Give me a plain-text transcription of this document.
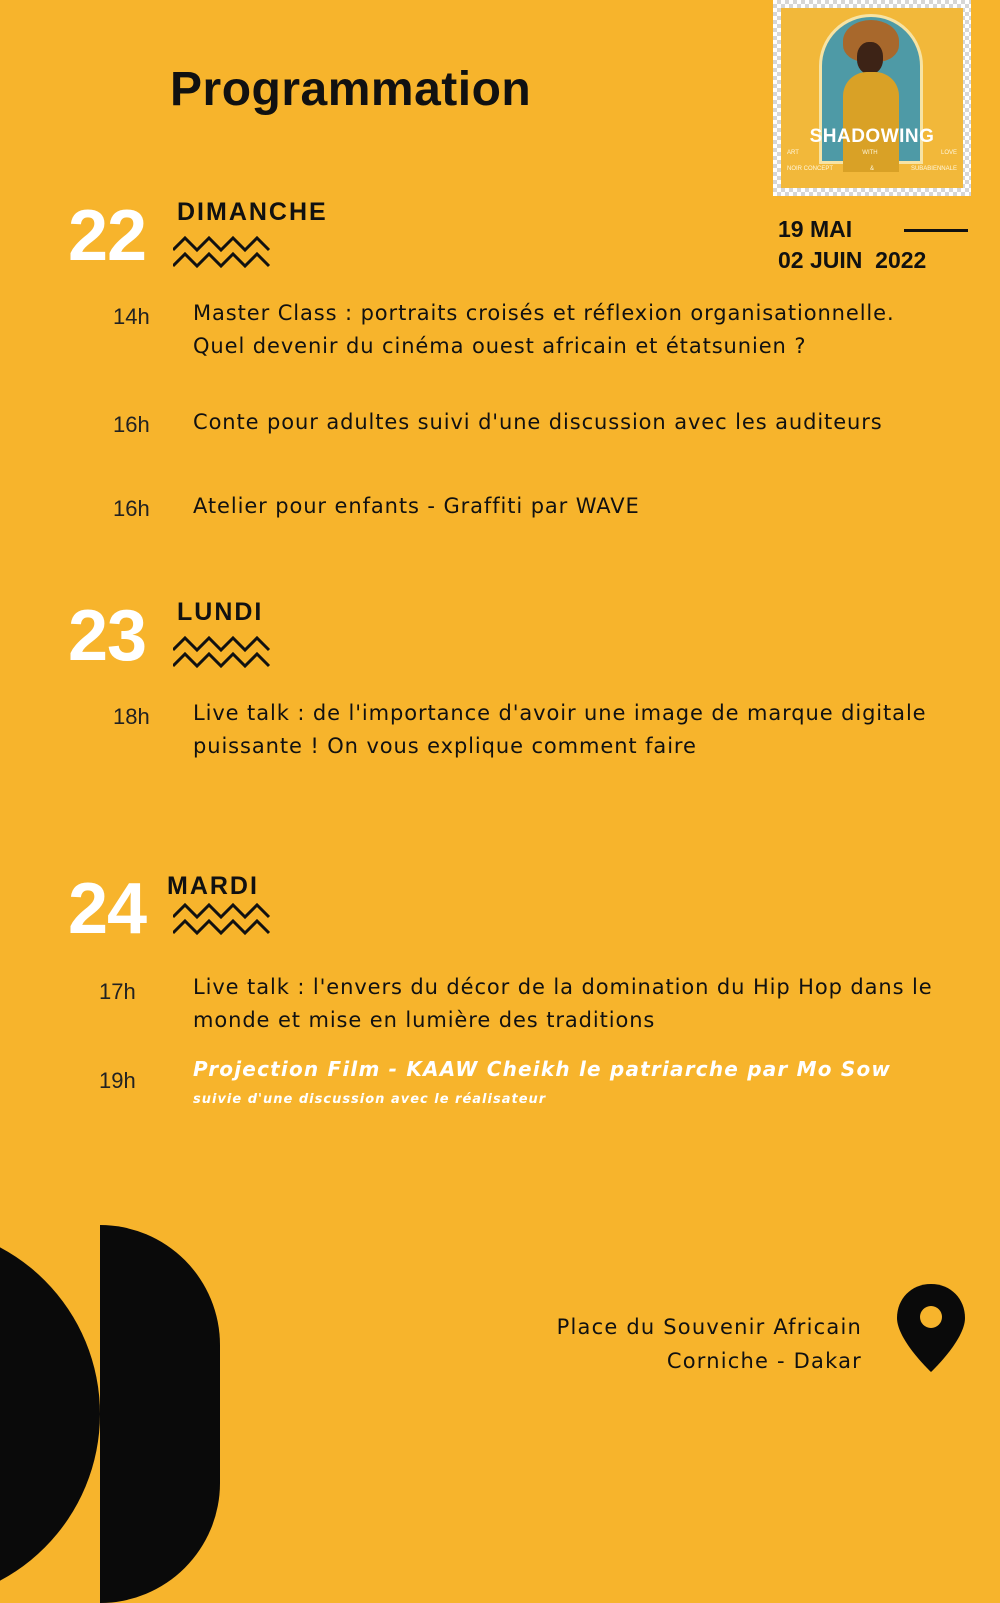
Programmation
SHADOWING
ART	WITH	LOVE
NOIR CONCEPT	&	SUBABIENNALE
19 MAI
02 JUIN 2022
22 DIMANCHE
14h Master Class : portraits croisés et réflexion organisationnelle. Quel devenir du cinéma ouest africain et étatsunien ?
16h Conte pour adultes suivi d'une discussion avec les auditeurs
16h Atelier pour enfants - Graffiti par WAVE
23 LUNDI
18h Live talk : de l'importance d'avoir une image de marque digitale puissante ! On vous explique comment faire
24 MARDI
17h	Live talk : l'envers du décor de la domination du Hip Hop dans le monde et mise en lumière des traditions
19h	Projection Film - KAAW Cheikh le patriarche par Mo Sow
suivie d'une discussion avec le réalisateur
Place du Souvenir Africain
Corniche - Dakar
